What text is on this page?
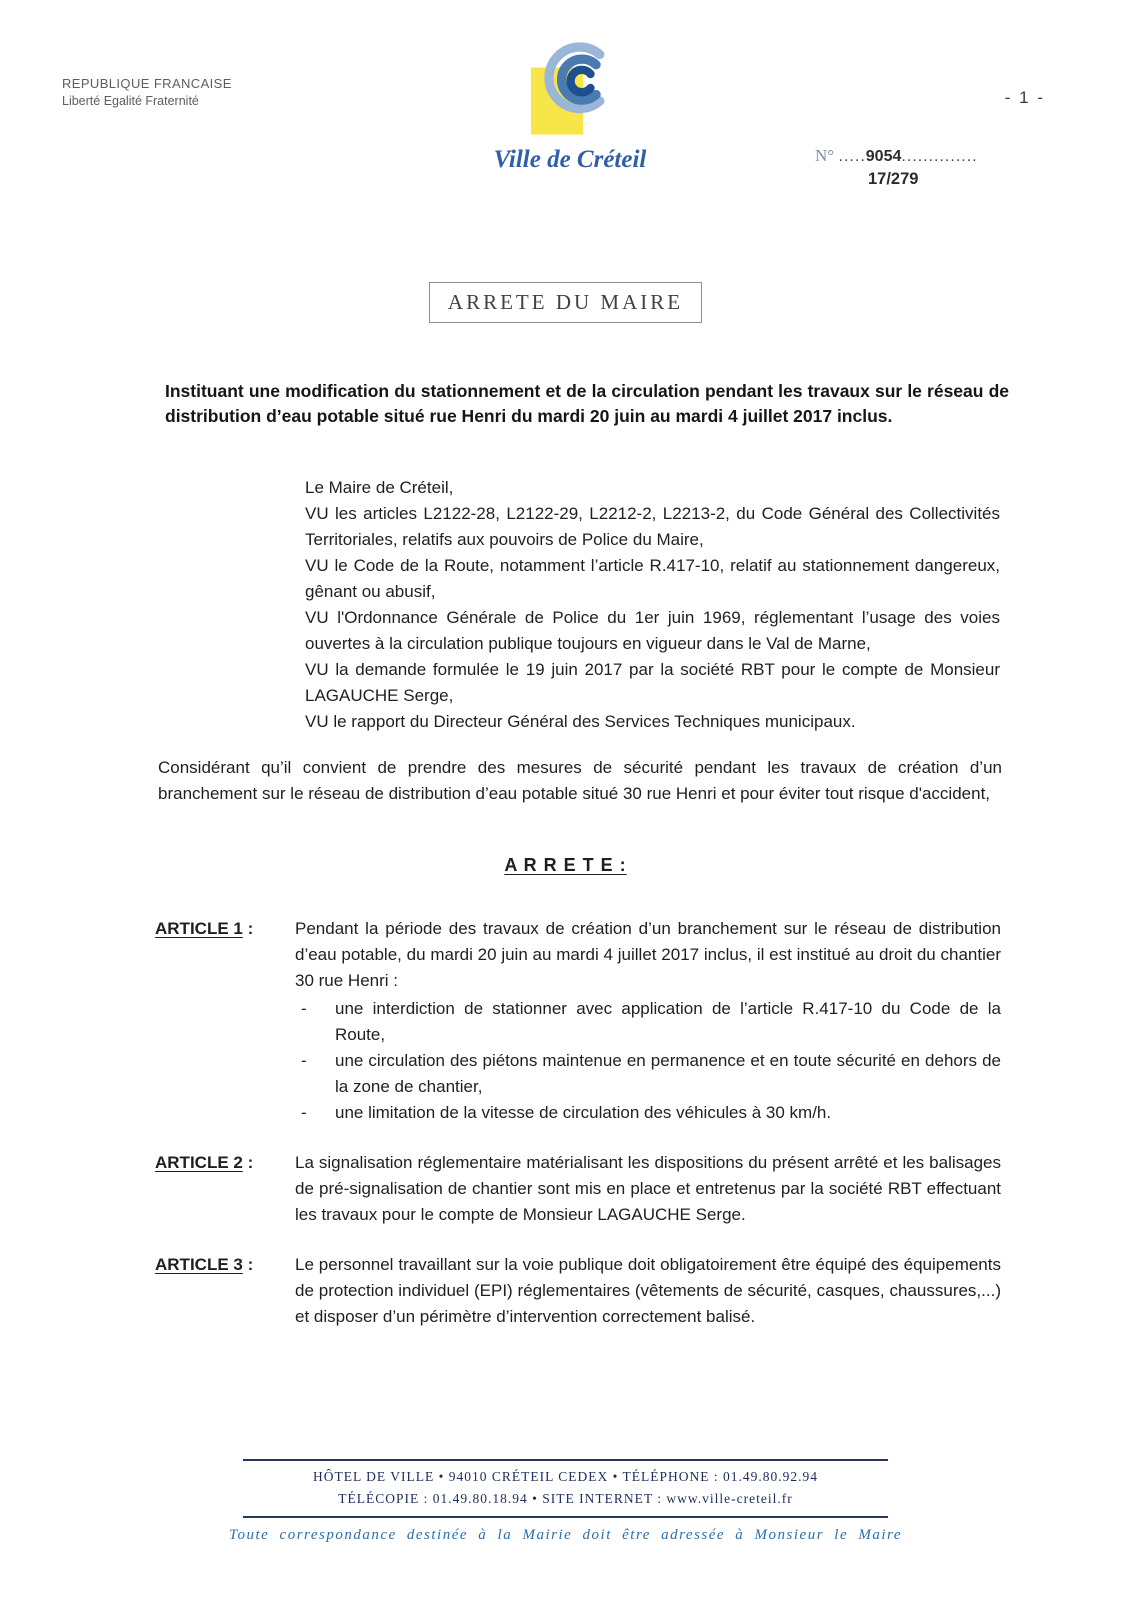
REPUBLIQUE FRANCAISE
Liberté Egalité Fraternité
Ville de Créteil
- 1 -
N° .....9054..............
17/279
ARRETE DU MAIRE

Instituant une modification du stationnement et de la circulation pendant les travaux sur le réseau de distribution d’eau potable situé rue Henri du mardi 20 juin au mardi 4 juillet 2017 inclus.

Le Maire de Créteil,

VU les articles L2122-28, L2122-29, L2212-2, L2213-2, du Code Général des Collectivités Territoriales, relatifs aux pouvoirs de Police du Maire,

VU le Code de la Route, notamment l’article R.417-10, relatif au stationnement dangereux, gênant ou abusif,

VU l'Ordonnance Générale de Police du 1er juin 1969, réglementant l’usage des voies ouvertes à la circulation publique toujours en vigueur dans le Val de Marne,

VU la demande formulée le 19 juin 2017 par la société RBT pour le compte de Monsieur LAGAUCHE Serge,

VU le rapport du Directeur Général des Services Techniques municipaux.

Considérant qu’il convient de prendre des mesures de sécurité pendant les travaux de création d’un branchement sur le réseau de distribution d’eau potable situé 30 rue Henri et pour éviter tout risque d'accident,

A R R E T E :
ARTICLE 1 : Pendant la période des travaux de création d’un branchement sur le réseau de distribution d’eau potable, du mardi 20 juin au mardi 4 juillet 2017 inclus, il est institué au droit du chantier 30 rue Henri :

-	une interdiction de stationner avec application de l’article R.417-10 du Code de la Route,
-	une circulation des piétons maintenue en permanence et en toute sécurité en dehors de la zone de chantier,
-	une limitation de la vitesse de circulation des véhicules à 30 km/h.
ARTICLE 2 : La signalisation réglementaire matérialisant les dispositions du présent arrêté et les balisages de pré-signalisation de chantier sont mis en place et entretenus par la société RBT effectuant les travaux pour le compte de Monsieur LAGAUCHE Serge.

ARTICLE 3 : Le personnel travaillant sur la voie publique doit obligatoirement être équipé des équipements de protection individuel (EPI) réglementaires (vêtements de sécurité, casques, chaussures,...) et disposer d’un périmètre d’intervention correctement balisé.

HÔTEL DE VILLE • 94010 CRÉTEIL CEDEX • TÉLÉPHONE : 01.49.80.92.94
TÉLÉCOPIE : 01.49.80.18.94 • SITE INTERNET : www.ville-creteil.fr
Toute correspondance destinée à la Mairie doit être adressée à Monsieur le Maire
